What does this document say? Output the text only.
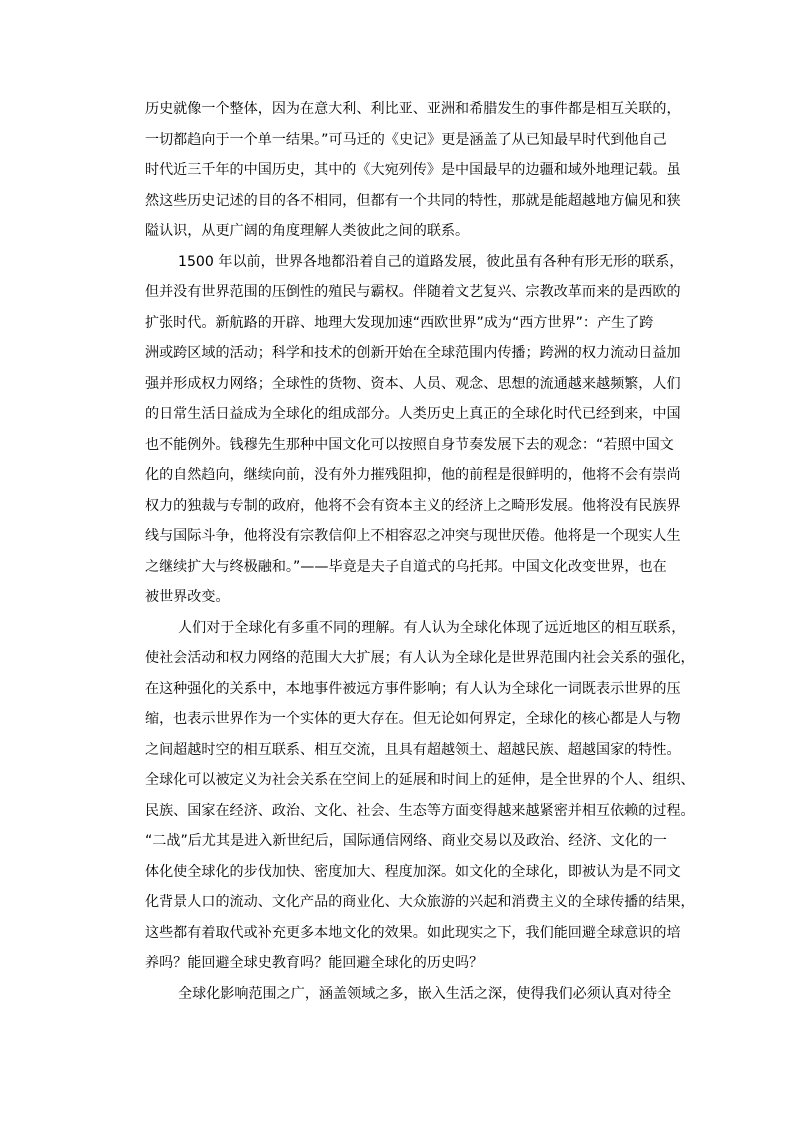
历史就像一个整体，因为在意大利、利比亚、亚洲和希腊发生的事件都是相互关联的，
一切都趋向于一个单一结果。”可马迁的《史记》更是涵盖了从已知最早时代到他自己
时代近三千年的中国历史，其中的《大宛列传》是中国最早的边疆和域外地理记载。虽
然这些历史记述的目的各不相同，但都有一个共同的特性，那就是能超越地方偏见和狭
隘认识，从更广阔的角度理解人类彼此之间的联系。
1500 年以前，世界各地都沿着自己的道路发展，彼此虽有各种有形无形的联系，
但并没有世界范围的压倒性的殖民与霸权。伴随着文艺复兴、宗教改革而来的是西欧的
扩张时代。新航路的开辟、地理大发现加速“西欧世界”成为“西方世界”：产生了跨
洲或跨区域的活动；科学和技术的创新开始在全球范围内传播；跨洲的权力流动日益加
强并形成权力网络；全球性的货物、资本、人员、观念、思想的流通越来越频繁，人们
的日常生活日益成为全球化的组成部分。人类历史上真正的全球化时代已经到来，中国
也不能例外。钱穆先生那种中国文化可以按照自身节奏发展下去的观念：“若照中国文
化的自然趋向，继续向前，没有外力摧残阻抑，他的前程是很鲜明的，他将不会有崇尚
权力的独裁与专制的政府，他将不会有资本主义的经济上之畸形发展。他将没有民族界
线与国际斗争，他将没有宗教信仰上不相容忍之冲突与现世厌倦。他将是一个现实人生
之继续扩大与终极融和。”——毕竟是夫子自道式的乌托邦。中国文化改变世界，也在
被世界改变。
人们对于全球化有多重不同的理解。有人认为全球化体现了远近地区的相互联系，
使社会活动和权力网络的范围大大扩展；有人认为全球化是世界范围内社会关系的强化，
在这种强化的关系中，本地事件被远方事件影响；有人认为全球化一词既表示世界的压
缩，也表示世界作为一个实体的更大存在。但无论如何界定，全球化的核心都是人与物
之间超越时空的相互联系、相互交流，且具有超越领土、超越民族、超越国家的特性。
全球化可以被定义为社会关系在空间上的延展和时间上的延伸，是全世界的个人、组织、
民族、国家在经济、政治、文化、社会、生态等方面变得越来越紧密并相互依赖的过程。
“二战”后尤其是进入新世纪后，国际通信网络、商业交易以及政治、经济、文化的一
体化使全球化的步伐加快、密度加大、程度加深。如文化的全球化，即被认为是不同文
化背景人口的流动、文化产品的商业化、大众旅游的兴起和消费主义的全球传播的结果，
这些都有着取代或补充更多本地文化的效果。如此现实之下，我们能回避全球意识的培
养吗？能回避全球史教育吗？能回避全球化的历史吗？
全球化影响范围之广，涵盖领域之多，嵌入生活之深，使得我们必须认真对待全
